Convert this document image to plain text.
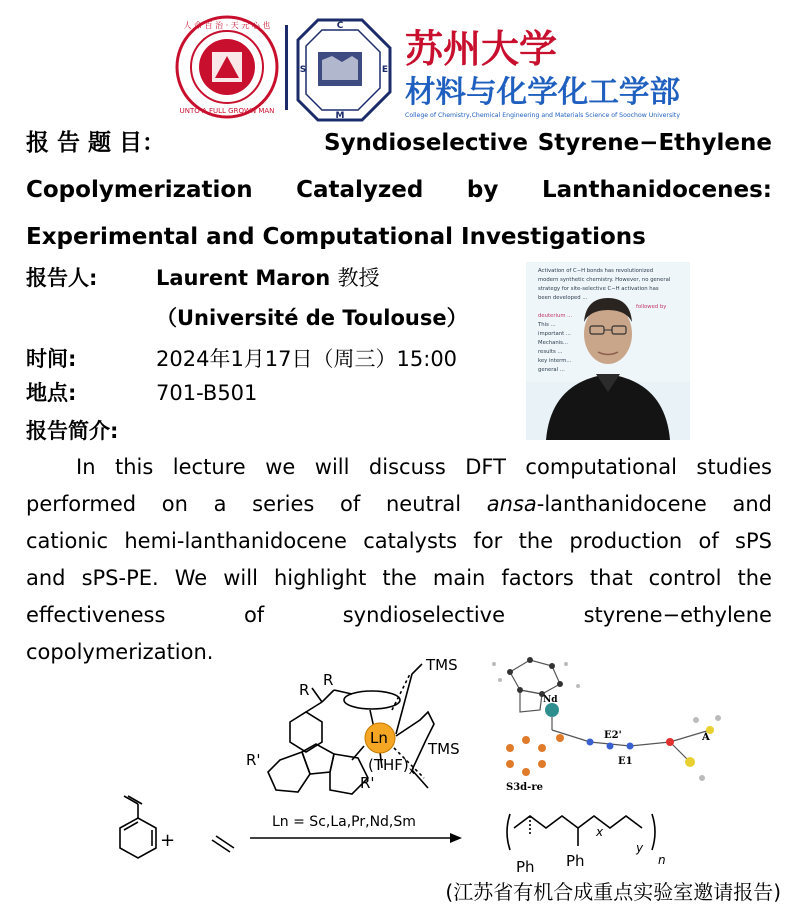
人 命 百 治 · 天 元 心 也
UNTO A FULL GROWN MAN
C
E
M
S	苏州大学
材料与化学化工学部
College of Chemistry,Chemical Engineering and Materials Science of Soochow University
报 告 题 目：	Syndioselective Styrene−Ethylene
Copolymerization Catalyzed by Lanthanidocenes:
Experimental and Computational Investigations
报告人:	Laurent Maron 教授
（Université de Toulouse）
时间:	2024年1月17日（周三）15:00
地点:	701-B501
报告简介:
Activation of C−H bonds has revolutionized
modern synthetic chemistry. However, no general
strategy for site-selective C−H activation has
been developed ...
followed by
deuterium ...
This ...
important ...
Mechanis...
results ...
key interm...
general ...
In this lecture we will discuss DFT computational studies
performed on a series of neutral ansa-lanthanidocene and
cationic hemi-lanthanidocene catalysts for the production of sPS
and sPS-PE. We will highlight the main factors that control the
effectiveness	of	syndioselective	styrene−ethylene
copolymerization.
Ln
TMS
TMS
R
R
R'
R'
$(THF)_x$
Nd
E2'
E1
A
S3d-re
+
Ln = Sc,La,Pr,Nd,Sm
Ph Ph
x
y
n
(江苏省有机合成重点实验室邀请报告)
